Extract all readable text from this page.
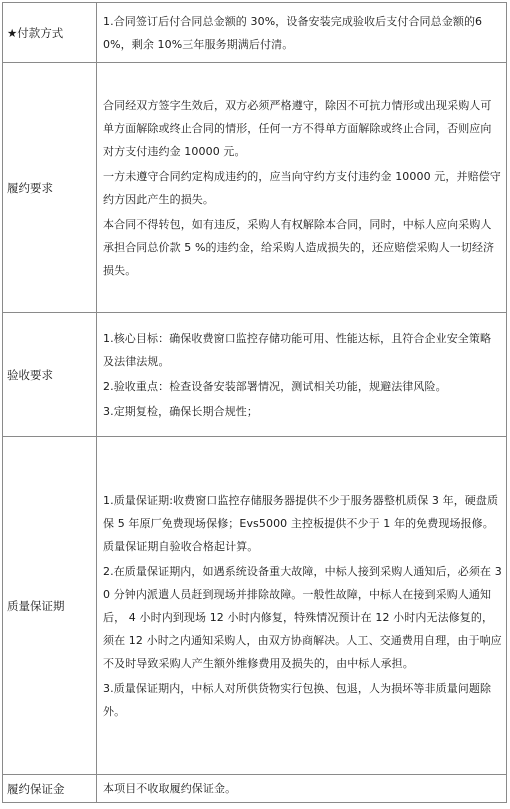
★付款方式	1.合同签订后付合同总金额的 30%，设备安装完成验收后支付合同总金额的60%，剩余 10%三年服务期满后付清。

履约要求	合同经双方签字生效后，双方必须严格遵守，除因不可抗力情形或出现采购人可单方面解除或终止合同的情形，任何一方不得单方面解除或终止合同，否则应向对方支付违约金 10000 元。

一方未遵守合同约定构成违约的，应当向守约方支付违约金 10000 元，并赔偿守约方因此产生的损失。

本合同不得转包，如有违反，采购人有权解除本合同，同时，中标人应向采购人承担合同总价款 5 %的违约金，给采购人造成损失的，还应赔偿采购人一切经济损失。

验收要求	1.核心目标：确保收费窗口监控存储功能可用、性能达标，且符合企业安全策略及法律法规。

2.验收重点：检查设备安装部署情况，测试相关功能，规避法律风险。

3.定期复检，确保长期合规性；

质量保证期	1.质量保证期:收费窗口监控存储服务器提供不少于服务器整机质保 3 年，硬盘质保 5 年原厂免费现场保修；Evs5000 主控板提供不少于 1 年的免费现场报修。质量保证期自验收合格起计算。

2.在质量保证期内，如遇系统设备重大故障，中标人接到采购人通知后，必须在 30 分钟内派遣人员赶到现场并排除故障。一般性故障，中标人在接到采购人通知后， 4 小时内到现场 12 小时内修复，特殊情况预计在 12 小时内无法修复的，须在 12 小时之内通知采购人，由双方协商解决。人工、交通费用自理，由于响应不及时导致采购人产生额外维修费用及损失的，由中标人承担。

3.质量保证期内，中标人对所供货物实行包换、包退，人为损坏等非质量问题除外。

履约保证金	本项目不收取履约保证金。
